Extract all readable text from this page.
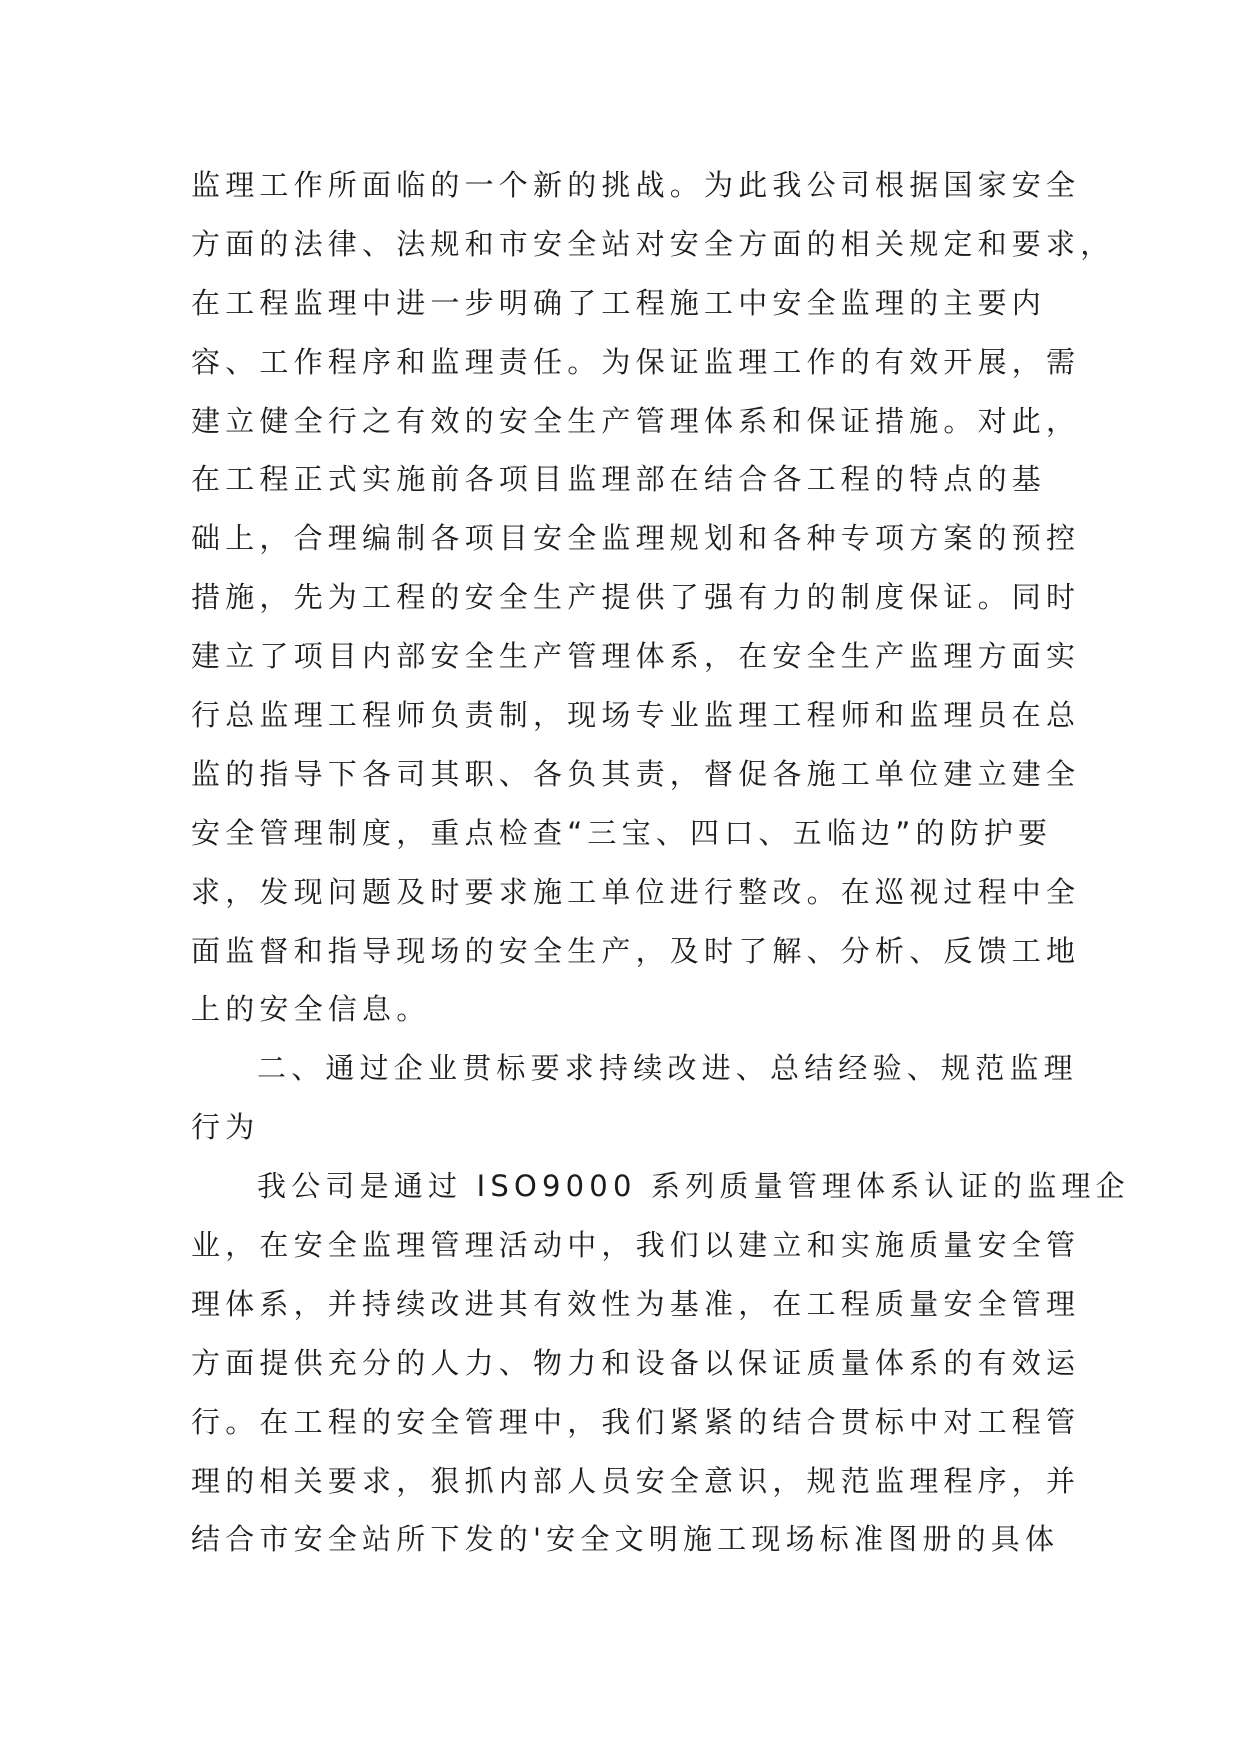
监理工作所面临的一个新的挑战。为此我公司根据国家安全
方面的法律、法规和市安全站对安全方面的相关规定和要求，
在工程监理中进一步明确了工程施工中安全监理的主要内
容、工作程序和监理责任。为保证监理工作的有效开展，需
建立健全行之有效的安全生产管理体系和保证措施。对此，
在工程正式实施前各项目监理部在结合各工程的特点的基
础上，合理编制各项目安全监理规划和各种专项方案的预控
措施，先为工程的安全生产提供了强有力的制度保证。同时
建立了项目内部安全生产管理体系，在安全生产监理方面实
行总监理工程师负责制，现场专业监理工程师和监理员在总
监的指导下各司其职、各负其责，督促各施工单位建立建全
安全管理制度，重点检查“三宝、四口、五临边”的防护要
求，发现问题及时要求施工单位进行整改。在巡视过程中全
面监督和指导现场的安全生产，及时了解、分析、反馈工地
上的安全信息。
二、通过企业贯标要求持续改进、总结经验、规范监理
行为
我公司是通过 ISO9000 系列质量管理体系认证的监理企
业，在安全监理管理活动中，我们以建立和实施质量安全管
理体系，并持续改进其有效性为基准，在工程质量安全管理
方面提供充分的人力、物力和设备以保证质量体系的有效运
行。在工程的安全管理中，我们紧紧的结合贯标中对工程管
理的相关要求，狠抓内部人员安全意识，规范监理程序，并
结合市安全站所下发的'安全文明施工现场标准图册的具体
